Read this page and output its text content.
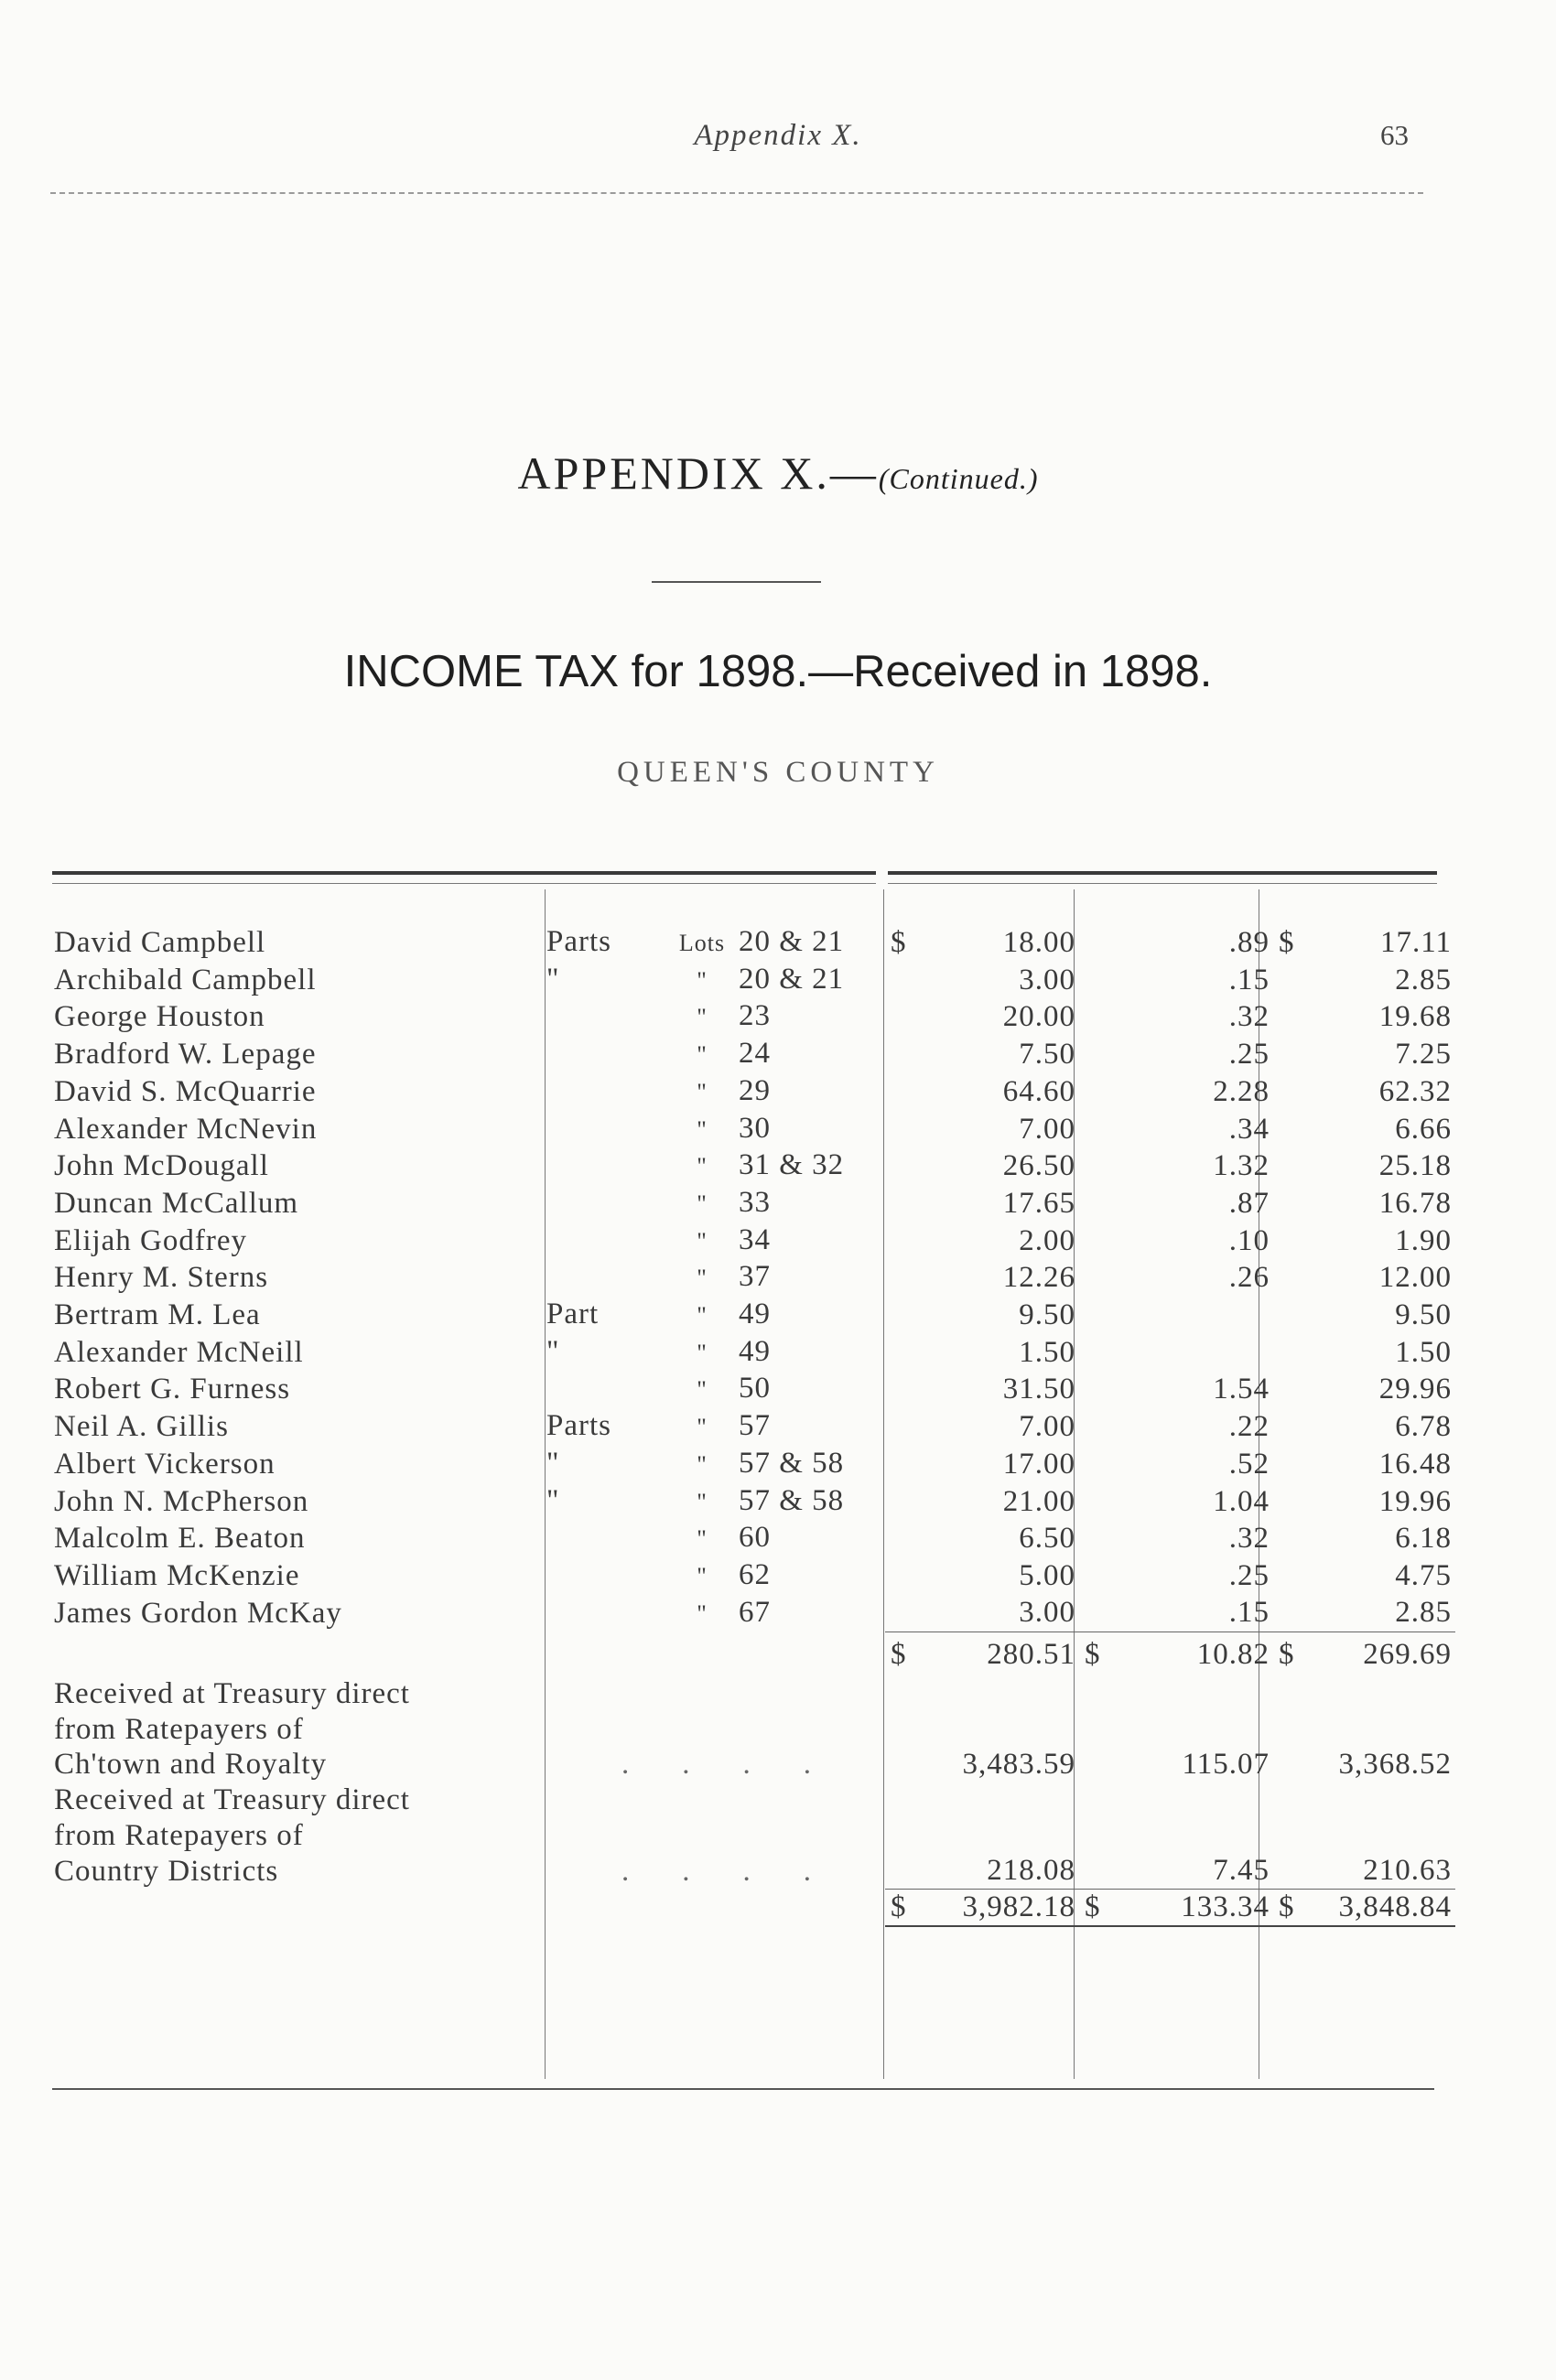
Appendix X.	63
APPENDIX X.—(Continued.)
INCOME TAX for 1898.—Received in 1898.
QUEEN'S COUNTY
David Campbell	Parts Lots 20 & 21	$ 18.00	.89	$ 17.11
Archibald Campbell	" " 20 & 21	3.00	.15	2.85
George Houston	" 23	20.00	.32	19.68
Bradford W. Lepage	" 24	7.50	.25	7.25
David S. McQuarrie	" 29	64.60	2.28	62.32
Alexander McNevin	" 30	7.00	.34	6.66
John McDougall	" 31 & 32	26.50	1.32	25.18
Duncan McCallum	" 33	17.65	.87	16.78
Elijah Godfrey	" 34	2.00	.10	1.90
Henry M. Sterns	" 37	12.26	.26	12.00
Bertram M. Lea	Part " 49	9.50		9.50
Alexander McNeill	" " 49	1.50		1.50
Robert G. Furness	" 50	31.50	1.54	29.96
Neil A. Gillis	Parts " 57	7.00	.22	6.78
Albert Vickerson	" " 57 & 58	17.00	.52	16.48
John N. McPherson	" " 57 & 58	21.00	1.04	19.96
Malcolm E. Beaton	" 60	6.50	.32	6.18
William McKenzie	" 62	5.00	.25	4.75
James Gordon McKay	" 67	3.00	.15	2.85

		$ 280.51	$ 10.82	$ 269.69
Received at Treasury direct				
from Ratepayers of				
Ch'town and Royalty	....	3,483.59	115.07	3,368.52
Received at Treasury direct				
from Ratepayers of				
Country Districts	....	218.08	7.45	210.63

		$ 3,982.18	$ 133.34	$ 3,848.84
